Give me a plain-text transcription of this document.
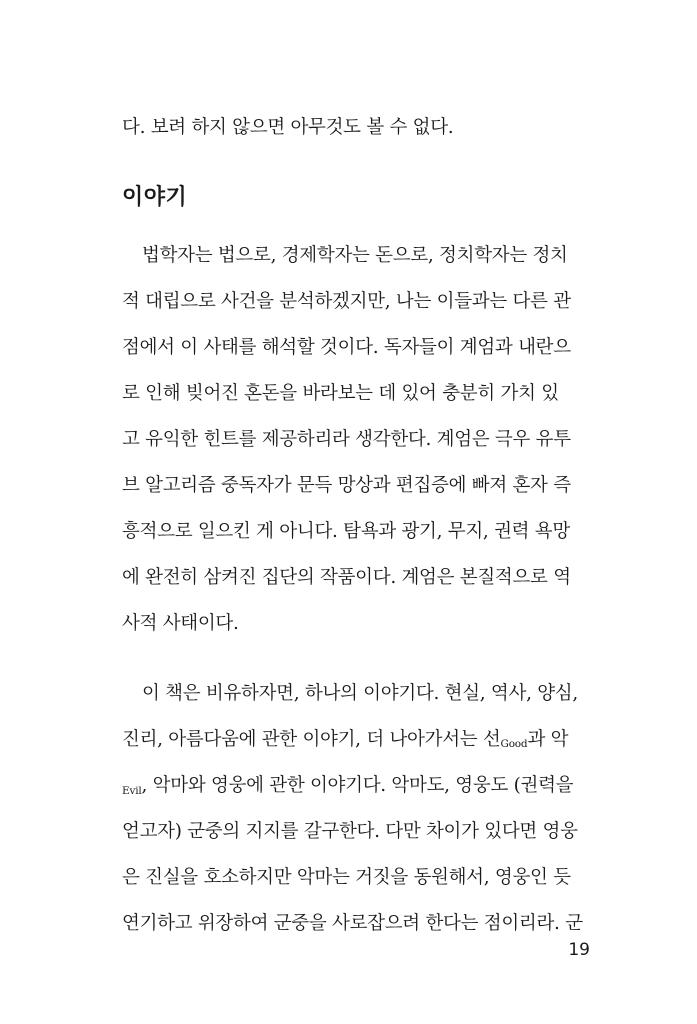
다. 보려 하지 않으면 아무것도 볼 수 없다.
이야기
법학자는 법으로, 경제학자는 돈으로, 정치학자는 정치
적 대립으로 사건을 분석하겠지만, 나는 이들과는 다른 관
점에서 이 사태를 해석할 것이다. 독자들이 계엄과 내란으
로 인해 빚어진 혼돈을 바라보는 데 있어 충분히 가치 있
고 유익한 힌트를 제공하리라 생각한다. 계엄은 극우 유투
브 알고리즘 중독자가 문득 망상과 편집증에 빠져 혼자 즉
흥적으로 일으킨 게 아니다. 탐욕과 광기, 무지, 권력 욕망
에 완전히 삼켜진 집단의 작품이다. 계엄은 본질적으로 역
사적 사태이다.
이 책은 비유하자면, 하나의 이야기다. 현실, 역사, 양심,
진리, 아름다움에 관한 이야기, 더 나아가서는 선Good과 악
Evil, 악마와 영웅에 관한 이야기다. 악마도, 영웅도 (권력을
얻고자) 군중의 지지를 갈구한다. 다만 차이가 있다면 영웅
은 진실을 호소하지만 악마는 거짓을 동원해서, 영웅인 듯
연기하고 위장하여 군중을 사로잡으려 한다는 점이리라. 군
19
